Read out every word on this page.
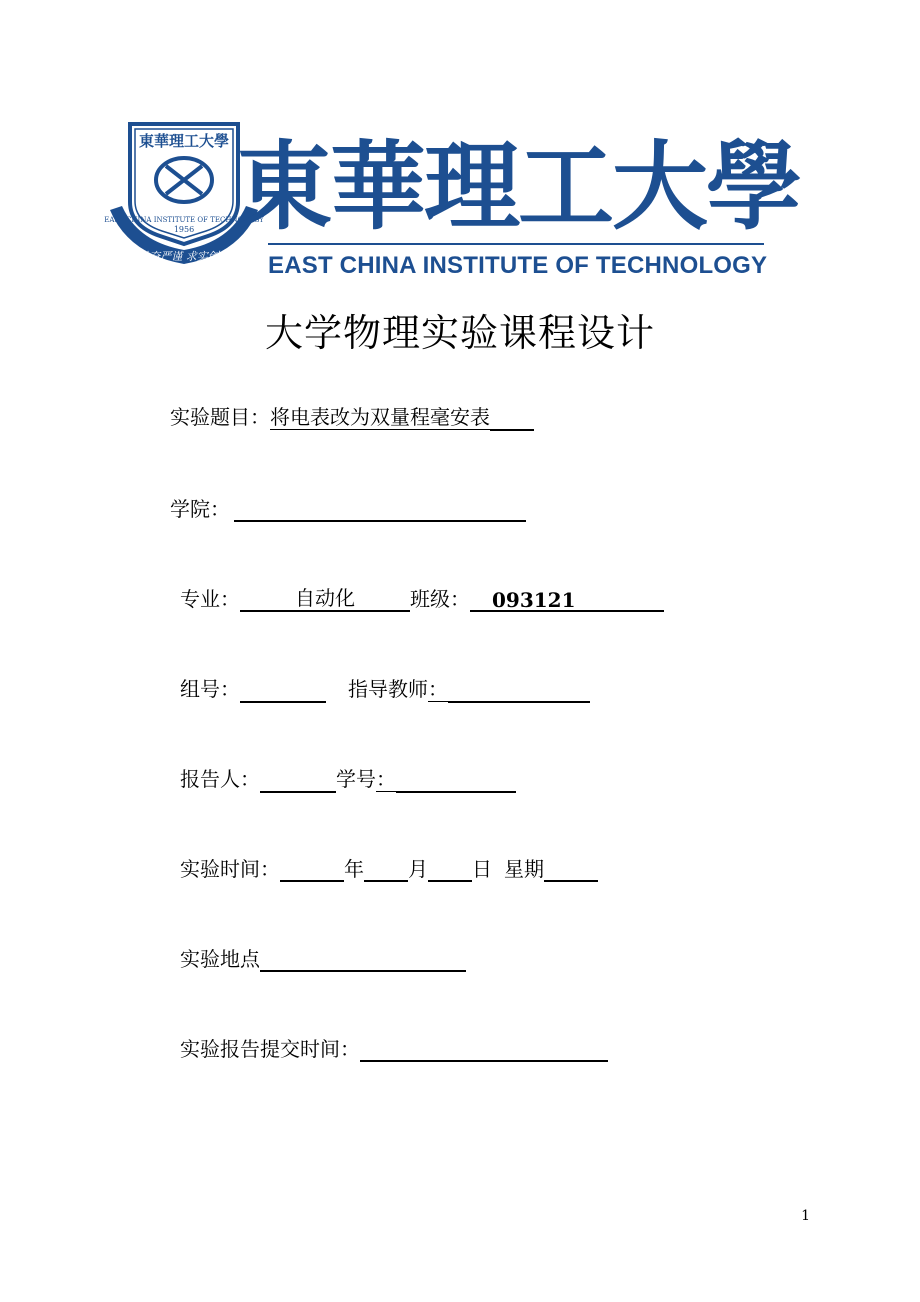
東華理工大學
EAST CHINA INSTITUTE OF TECHNOLOGY
1956
勤奋严谨 求实创新
東華理工大學
EAST CHINA INSTITUTE OF TECHNOLOGY
大学物理实验课程设计
实验题目：将电表改为双量程毫安表
学院：
专业：	自动化	班级： 093121
组号：	指导教师：
报告人：	学号：
实验时间：	年 月 日 星期
实验地点
实验报告提交时间：
1
